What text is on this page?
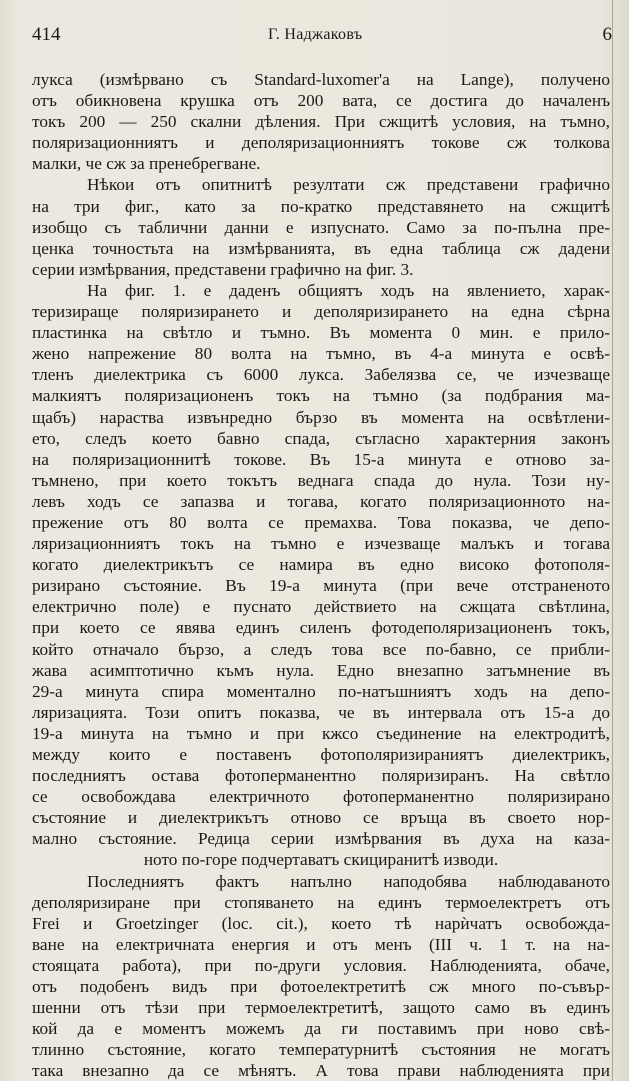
414	Г. Наджаковъ	6
лукса (измѣрвано съ Standard-luxomer'a на Lange), получено
отъ обикновена крушка отъ 200 вата, се достига до началенъ
токъ 200 — 250 скални дѣления. При сжщитѣ условия, на тъмно,
поляризационниятъ и деполяризационниятъ токове сж толкова
малки, че сж за пренебрегване.
Нѣкои отъ опитнитѣ резултати сж представени графично
на три фиг., като за по-кратко представянето на сжщитѣ
изобщо съ таблични данни е изпуснато. Само за по-пълна пре-
ценка точностьта на измѣрванията, въ една таблица сж дадени
серии измѣрвания, представени графично на фиг. 3.
На фиг. 1. е даденъ общиятъ ходъ на явлението, харак-
теризираще поляризирането и деполяризирането на една сѣрна
пластинка на свѣтло и тъмно. Въ момента 0 мин. е прило-
жено напрежение 80 волта на тъмно, въ 4-а минута е освѣ-
тленъ диелектрика съ 6000 лукса. Забелязва се, че изчезваще
малкиятъ поляризационенъ токъ на тъмно (за подбрания ма-
щабъ) нараства извънредно бързо въ момента на освѣтлени-
ето, следъ което бавно спада, съгласно характерния законъ
на поляризационнитѣ токове. Въ 15-а минута е отново за-
тъмнено, при което токътъ веднага спада до нула. Този ну-
левъ ходъ се запазва и тогава, когато поляризационното на-
прежение отъ 80 волта се премахва. Това показва, че депо-
ляризационниятъ токъ на тъмно е изчезваще малъкъ и тогава
когато диелектрикътъ се намира въ едно високо фотополя-
ризирано състояние. Въ 19-а минута (при вече отстраненото
електрично поле) е пуснато действието на сжщата свѣтлина,
при което се явява единъ силенъ фотодеполяризационенъ токъ,
който отначало бързо, а следъ това все по-бавно, се прибли-
жава асимптотично къмъ нула. Едно внезапно затъмнение въ
29-а минута спира моментално по-натъшниятъ ходъ на депо-
ляризацията. Този опитъ показва, че въ интервала отъ 15-а до
19-а минута на тъмно и при кжсо съединение на електродитѣ,
между които е поставенъ фотополяризираниятъ диелектрикъ,
последниятъ остава фотоперманентно поляризиранъ. На свѣтло
се освобождава електричното фотоперманентно поляризирано
състояние и диелектрикътъ отново се връща въ своето нор-
мално състояние. Редица серии измѣрвания въ духа на каза-
ното по-горе подчертаватъ скициранитѣ изводи.
Последниятъ фактъ напълно наподобява наблюдаваното
деполяризиране при стопяването на единъ термоелектретъ отъ
Frei и Groetzinger (loc. cit.), което тѣ нарѝчатъ освобождa-
ване на електричната енергия и отъ менъ (III ч. 1 т. на на-
стоящата работа), при по-други условия. Наблюденията, обаче,
отъ подобенъ видъ при фотоелектретитѣ сж много по-съвър-
шенни отъ тѣзи при термоелектретитѣ, защото само въ единъ
кой да е моментъ можемъ да ги поставимъ при ново свѣ-
тлинно състояние, когато температурнитѣ състояния не могатъ
така внезапно да се мѣнятъ. А това прави наблюденията при
